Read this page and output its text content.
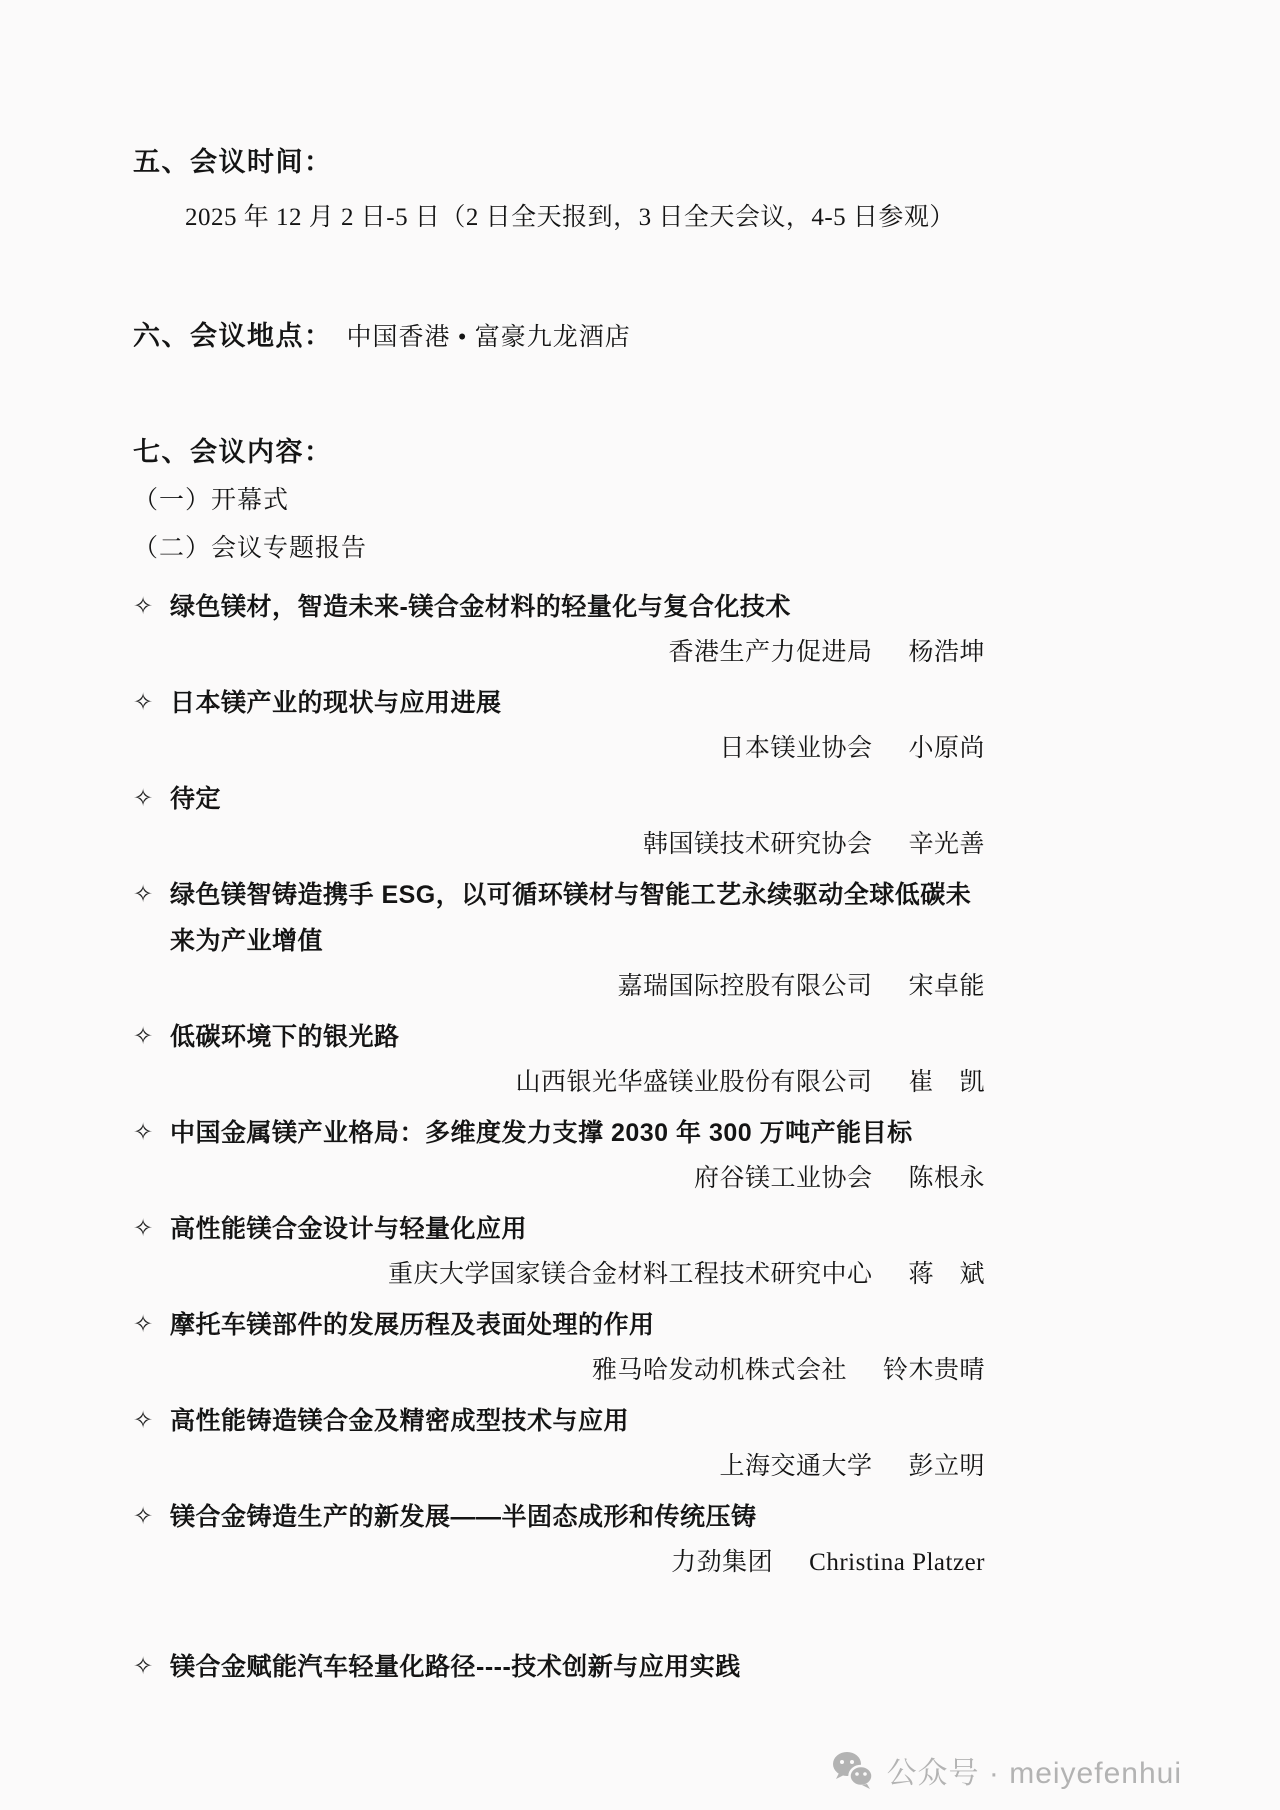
五、会议时间：
2025 年 12 月 2 日-5 日（2 日全天报到，3 日全天会议，4-5 日参观）
六、会议地点： 中国香港 • 富豪九龙酒店
七、会议内容：
（一）开幕式
（二）会议专题报告
✧ 绿色镁材，智造未来-镁合金材料的轻量化与复合化技术
香港生产力促进局 杨浩坤
✧ 日本镁产业的现状与应用进展
日本镁业协会 小原尚
✧ 待定
韩国镁技术研究协会 辛光善
✧ 绿色镁智铸造携手 ESG，以可循环镁材与智能工艺永续驱动全球低碳未来为产业增值
嘉瑞国际控股有限公司 宋卓能
✧ 低碳环境下的银光路
山西银光华盛镁业股份有限公司 崔　凯
✧ 中国金属镁产业格局：多维度发力支撑 2030 年 300 万吨产能目标
府谷镁工业协会 陈根永
✧ 高性能镁合金设计与轻量化应用
重庆大学国家镁合金材料工程技术研究中心 蒋　斌
✧ 摩托车镁部件的发展历程及表面处理的作用
雅马哈发动机株式会社 铃木贵晴
✧ 高性能铸造镁合金及精密成型技术与应用
上海交通大学 彭立明
✧ 镁合金铸造生产的新发展——半固态成形和传统压铸
力劲集团 Christina Platzer
✧ 镁合金赋能汽车轻量化路径----技术创新与应用实践
公众号 · meiyefenhui
